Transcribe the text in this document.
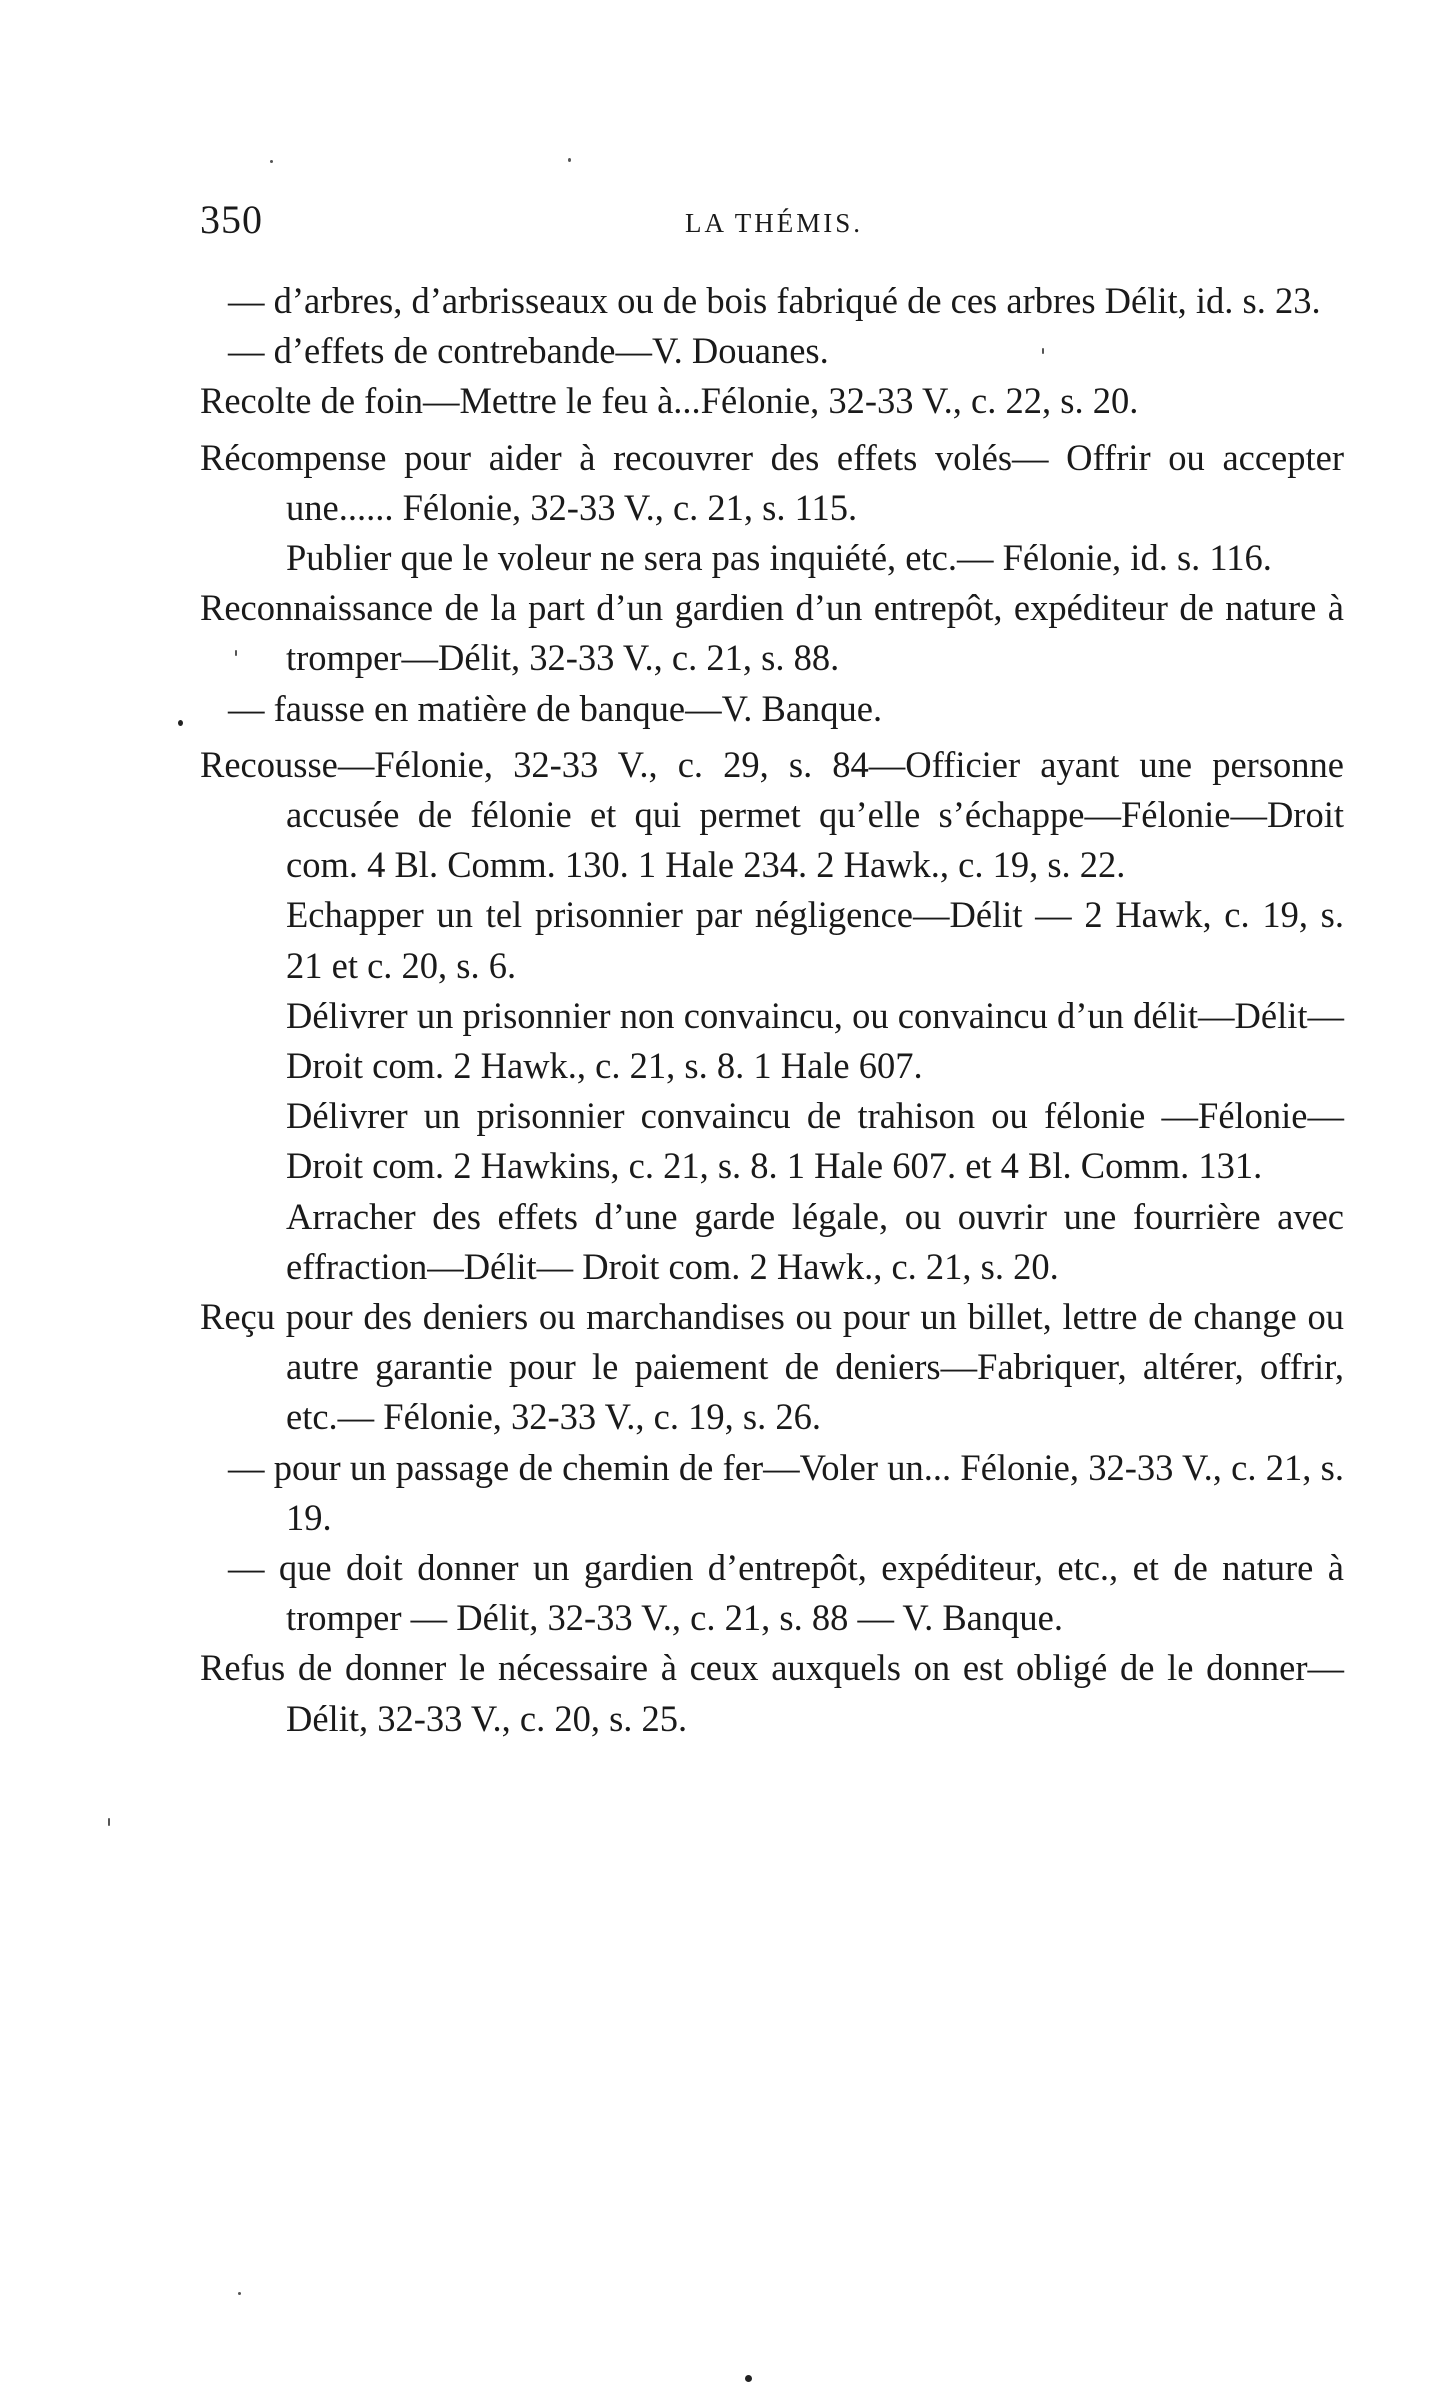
350	LA THÉMIS.
— d’arbres, d’arbrisseaux ou de bois fabriqué de ces arbres Délit, id. s. 23.
— d’effets de contrebande—V. Douanes.
Recolte de foin—Mettre le feu à...Félonie, 32-33 V., c. 22, s. 20.
Récompense pour aider à recouvrer des effets volés— Offrir ou accepter une...... Félonie, 32-33 V., c. 21, s. 115.
Publier que le voleur ne sera pas inquiété, etc.— Félonie, id. s. 116.
Reconnaissance de la part d’un gardien d’un entrepôt, expéditeur de nature à tromper—Délit, 32-33 V., c. 21, s. 88.
— fausse en matière de banque—V. Banque.
Recousse—Félonie, 32-33 V., c. 29, s. 84—Officier ayant une personne accusée de félonie et qui permet qu’elle s’échappe—Félonie—Droit com. 4 Bl. Comm. 130. 1 Hale 234. 2 Hawk., c. 19, s. 22.
Echapper un tel prisonnier par négligence—Délit — 2 Hawk, c. 19, s. 21 et c. 20, s. 6.
Délivrer un prisonnier non convaincu, ou convaincu d’un délit—Délit— Droit com. 2 Hawk., c. 21, s. 8. 1 Hale 607.
Délivrer un prisonnier convaincu de trahison ou félonie —Félonie—Droit com. 2 Hawkins, c. 21, s. 8. 1 Hale 607. et 4 Bl. Comm. 131.
Arracher des effets d’une garde légale, ou ouvrir une fourrière avec effraction—Délit— Droit com. 2 Hawk., c. 21, s. 20.
Reçu pour des deniers ou marchandises ou pour un billet, lettre de change ou autre garantie pour le paiement de deniers—Fabriquer, altérer, offrir, etc.— Félonie, 32-33 V., c. 19, s. 26.
— pour un passage de chemin de fer—Voler un... Félonie, 32-33 V., c. 21, s. 19.
— que doit donner un gardien d’entrepôt, expéditeur, etc., et de nature à tromper — Délit, 32-33 V., c. 21, s. 88 — V. Banque.
Refus de donner le nécessaire à ceux auxquels on est obligé de le donner—Délit, 32-33 V., c. 20, s. 25.
